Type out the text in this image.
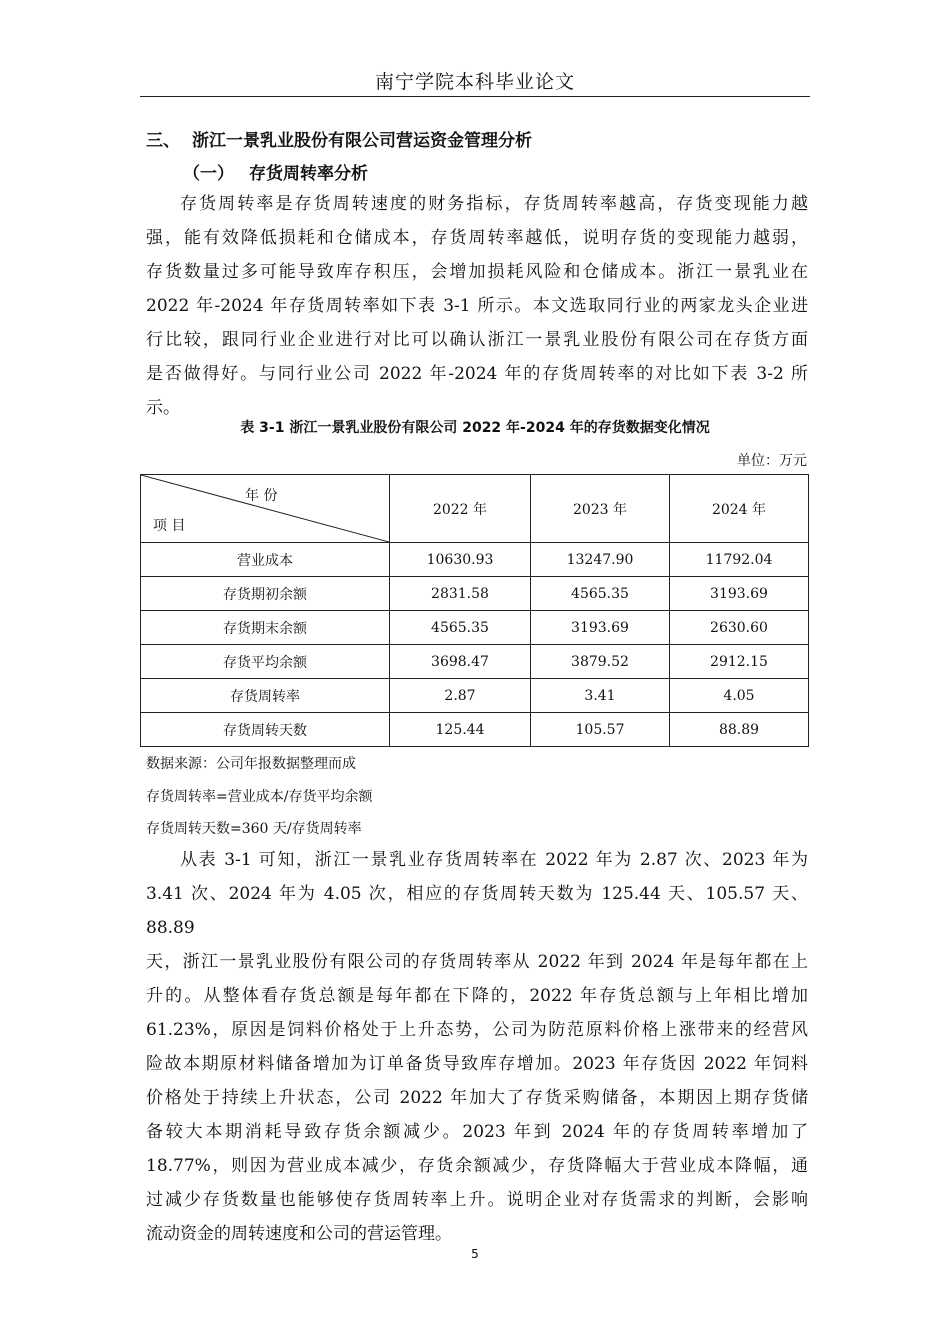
南宁学院本科毕业论文
三、 浙江一景乳业股份有限公司营运资金管理分析
（一） 存货周转率分析
存货周转率是存货周转速度的财务指标，存货周转率越高，存货变现能力越
强，能有效降低损耗和仓储成本，存货周转率越低，说明存货的变现能力越弱，
存货数量过多可能导致库存积压，会增加损耗风险和仓储成本。浙江一景乳业在
2022 年-2024 年存货周转率如下表 3-1 所示。本文选取同行业的两家龙头企业进
行比较，跟同行业企业进行对比可以确认浙江一景乳业股份有限公司在存货方面
是否做得好。与同行业公司 2022 年-2024 年的存货周转率的对比如下表 3-2 所
示。
表 3-1 浙江一景乳业股份有限公司 2022 年-2024 年的存货数据变化情况
单位：万元
年 份
项 目	2022 年	2023 年	2024 年
营业成本	10630.93	13247.90	11792.04
存货期初余额	2831.58	4565.35	3193.69
存货期末余额	4565.35	3193.69	2630.60
存货平均余额	3698.47	3879.52	2912.15
存货周转率	2.87	3.41	4.05
存货周转天数	125.44	105.57	88.89
数据来源：公司年报数据整理而成
存货周转率=营业成本/存货平均余额
存货周转天数=360 天/存货周转率
从表 3-1 可知，浙江一景乳业存货周转率在 2022 年为 2.87 次、2023 年为
3.41 次、2024 年为 4.05 次，相应的存货周转天数为 125.44 天、105.57 天、88.89
天，浙江一景乳业股份有限公司的存货周转率从 2022 年到 2024 年是每年都在上
升的。从整体看存货总额是每年都在下降的，2022 年存货总额与上年相比增加
61.23%，原因是饲料价格处于上升态势，公司为防范原料价格上涨带来的经营风
险故本期原材料储备增加为订单备货导致库存增加。2023 年存货因 2022 年饲料
价格处于持续上升状态，公司 2022 年加大了存货采购储备，本期因上期存货储
备较大本期消耗导致存货余额减少。2023 年到 2024 年的存货周转率增加了
18.77%，则因为营业成本减少，存货余额减少，存货降幅大于营业成本降幅，通
过减少存货数量也能够使存货周转率上升。说明企业对存货需求的判断，会影响
流动资金的周转速度和公司的营运管理。
5
